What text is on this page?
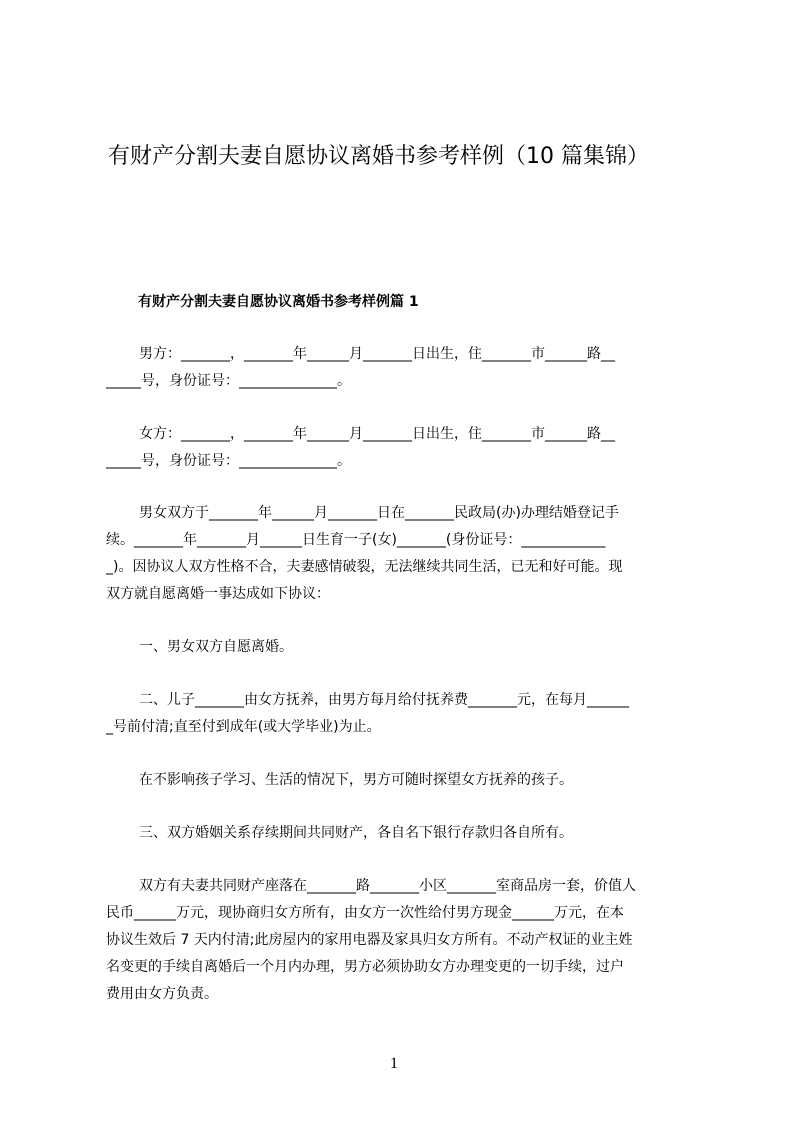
有财产分割夫妻自愿协议离婚书参考样例（10 篇集锦）
有财产分割夫妻自愿协议离婚书参考样例篇 1
男方：_______，_______年______月_______日出生，住_______市______路__
_____号，身份证号：______________。
女方：_______，_______年______月_______日出生，住_______市______路__
_____号，身份证号：______________。
男女双方于_______年______月_______日在_______民政局(办)办理结婚登记手
续。_______年_______月______日生育一子(女)_______(身份证号：____________
_)。因协议人双方性格不合，夫妻感情破裂，无法继续共同生活，已无和好可能。现
双方就自愿离婚一事达成如下协议：
一、男女双方自愿离婚。
二、儿子_______由女方抚养，由男方每月给付抚养费_______元，在每月______
_号前付清;直至付到成年(或大学毕业)为止。
在不影响孩子学习、生活的情况下，男方可随时探望女方抚养的孩子。
三、双方婚姻关系存续期间共同财产，各自名下银行存款归各自所有。
双方有夫妻共同财产座落在_______路_______小区_______室商品房一套，价值人
民币______万元，现协商归女方所有，由女方一次性给付男方现金______万元，在本
协议生效后 7 天内付清;此房屋内的家用电器及家具归女方所有。不动产权证的业主姓
名变更的手续自离婚后一个月内办理，男方必须协助女方办理变更的一切手续，过户
费用由女方负责。
1
